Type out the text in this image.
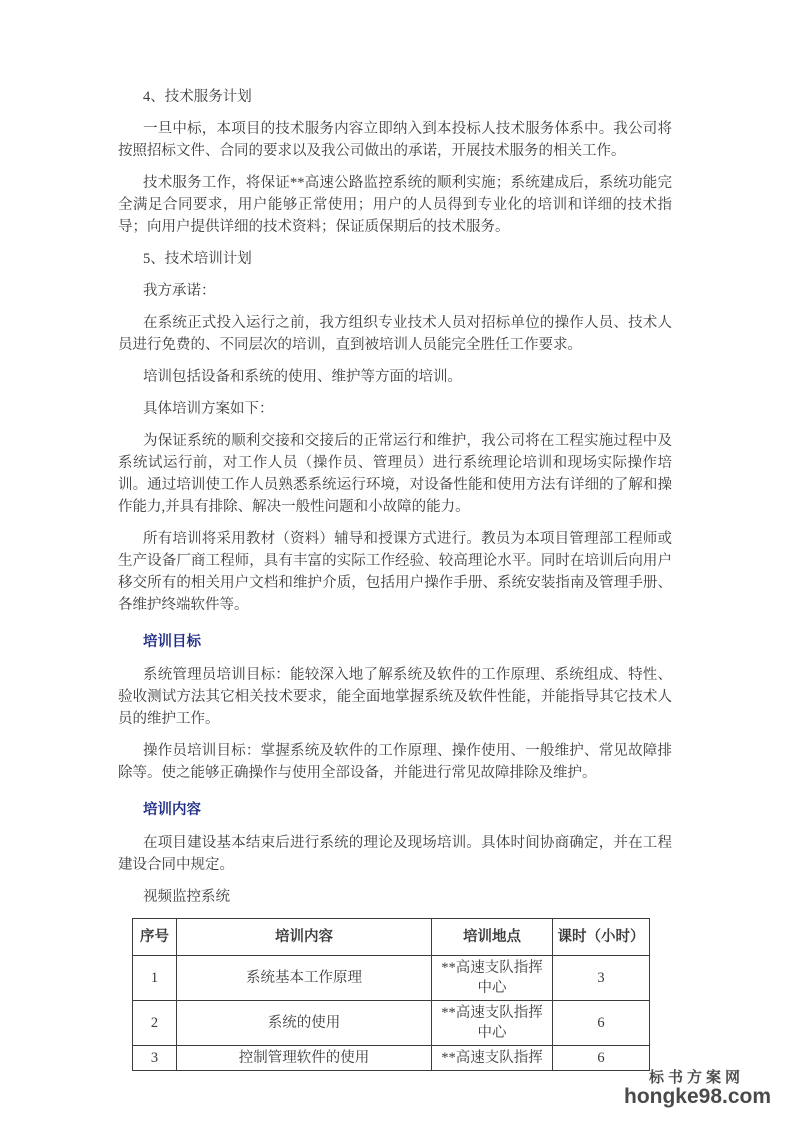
4、技术服务计划

一旦中标，本项目的技术服务内容立即纳入到本投标人技术服务体系中。我公司将按照招标文件、合同的要求以及我公司做出的承诺，开展技术服务的相关工作。

技术服务工作，将保证**高速公路监控系统的顺利实施；系统建成后，系统功能完全满足合同要求，用户能够正常使用；用户的人员得到专业化的培训和详细的技术指导；向用户提供详细的技术资料；保证质保期后的技术服务。

5、技术培训计划

我方承诺：

在系统正式投入运行之前，我方组织专业技术人员对招标单位的操作人员、技术人员进行免费的、不同层次的培训，直到被培训人员能完全胜任工作要求。

培训包括设备和系统的使用、维护等方面的培训。

具体培训方案如下：

为保证系统的顺利交接和交接后的正常运行和维护，我公司将在工程实施过程中及系统试运行前，对工作人员（操作员、管理员）进行系统理论培训和现场实际操作培训。通过培训使工作人员熟悉系统运行环境，对设备性能和使用方法有详细的了解和操作能力,并具有排除、解决一般性问题和小故障的能力。

所有培训将采用教材（资料）辅导和授课方式进行。教员为本项目管理部工程师或生产设备厂商工程师，具有丰富的实际工作经验、较高理论水平。同时在培训后向用户移交所有的相关用户文档和维护介质，包括用户操作手册、系统安装指南及管理手册、各维护终端软件等。

培训目标

系统管理员培训目标：能较深入地了解系统及软件的工作原理、系统组成、特性、验收测试方法其它相关技术要求，能全面地掌握系统及软件性能，并能指导其它技术人员的维护工作。

操作员培训目标：掌握系统及软件的工作原理、操作使用、一般维护、常见故障排除等。使之能够正确操作与使用全部设备，并能进行常见故障排除及维护。

培训内容

在项目建设基本结束后进行系统的理论及现场培训。具体时间协商确定，并在工程建设合同中规定。

视频监控系统

序号	培训内容	培训地点	课时（小时）
1	系统基本工作原理	**高速支队指挥中心	3
2	系统的使用	**高速支队指挥中心	6
3	控制管理软件的使用	**高速支队指挥	6
标书方案网
hongke98.com
